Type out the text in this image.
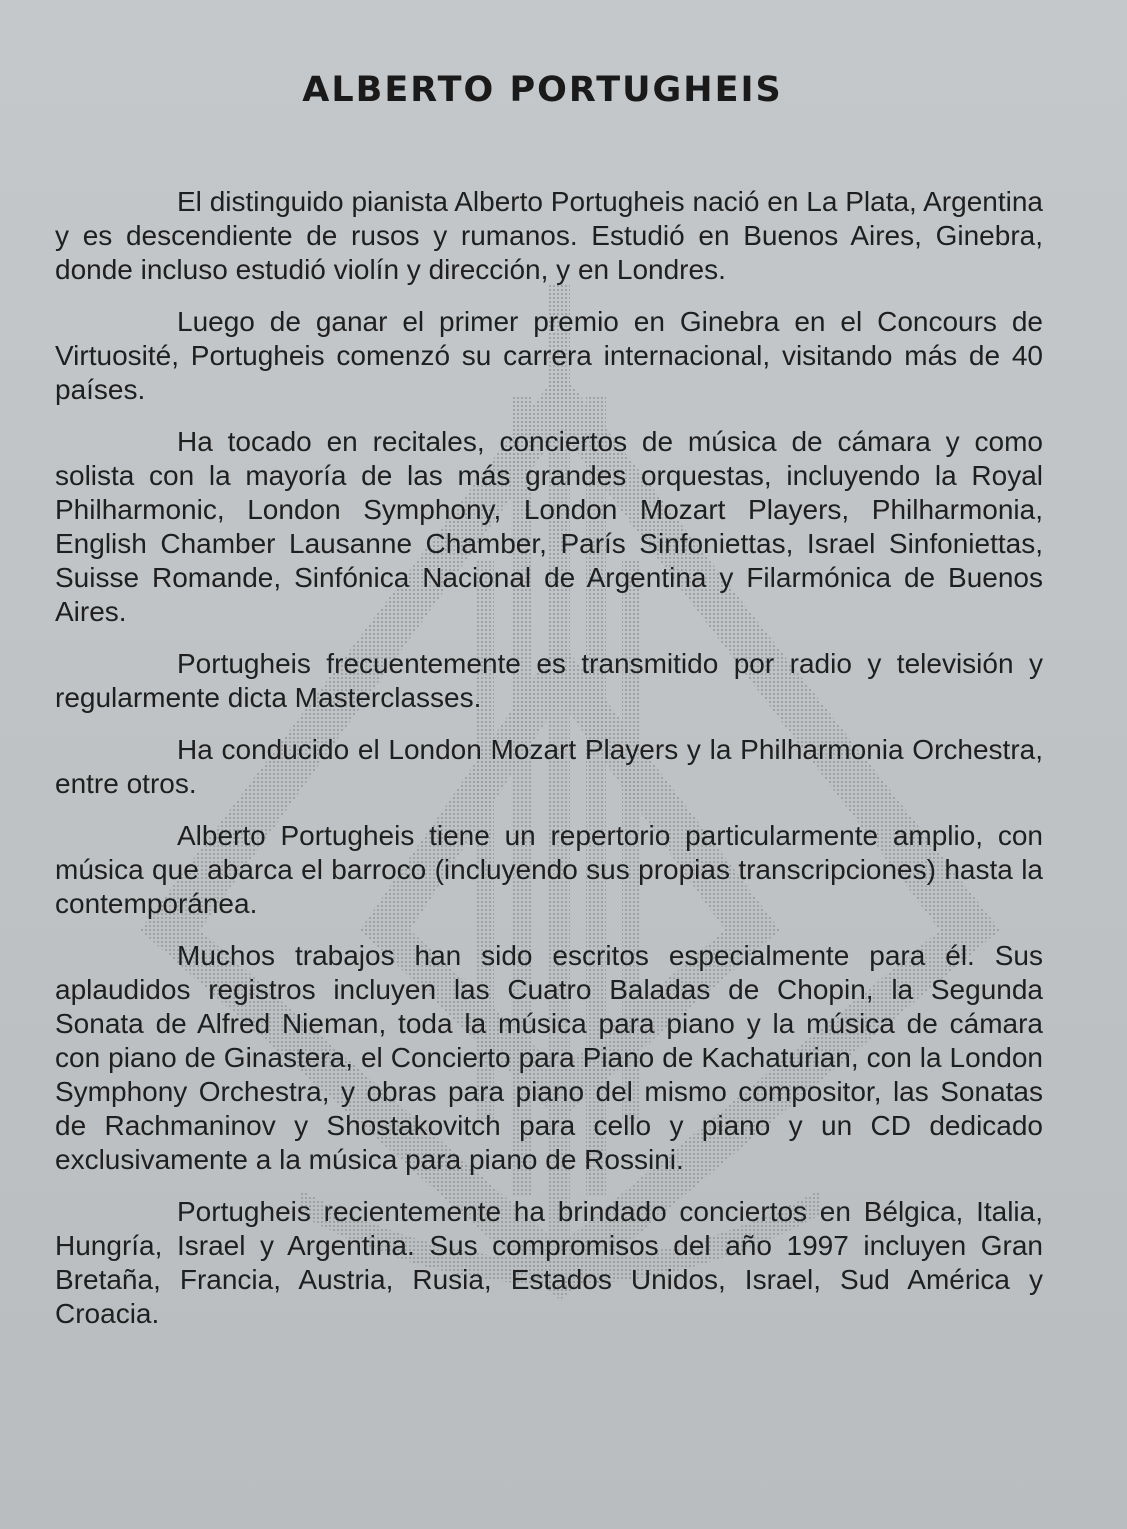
ALBERTO PORTUGHEIS

El distinguido pianista Alberto Portugheis nació en La Plata, Argentina y es descendiente de rusos y rumanos. Estudió en Buenos Aires, Ginebra, donde incluso estudió violín y dirección, y en Londres.

Luego de ganar el primer premio en Ginebra en el Concours de Virtuosité, Portugheis comenzó su carrera internacional, visitando más de 40 países.

Ha tocado en recitales, conciertos de música de cámara y como solista con la mayoría de las más grandes orquestas, incluyendo la Royal Philharmonic, London Symphony, London Mozart Players, Philharmonia, English Chamber Lausanne Chamber, París Sinfoniettas, Israel Sinfoniettas, Suisse Romande, Sinfónica Nacional de Argentina y Filarmónica de Buenos Aires.

Portugheis frecuentemente es transmitido por radio y televisión y regularmente dicta Masterclasses.

Ha conducido el London Mozart Players y la Philharmonia Orchestra, entre otros.

Alberto Portugheis tiene un repertorio particularmente amplio, con música que abarca el barroco (incluyendo sus propias transcripciones) hasta la contemporánea.

Muchos trabajos han sido escritos especialmente para él. Sus aplaudidos registros incluyen las Cuatro Baladas de Chopin, la Segunda Sonata de Alfred Nieman, toda la música para piano y la música de cámara con piano de Ginastera, el Concierto para Piano de Kachaturian, con la London Symphony Orchestra, y obras para piano del mismo compositor, las Sonatas de Rachmaninov y Shostakovitch para cello y piano y un CD dedicado exclusivamente a la música para piano de Rossini.

Portugheis recientemente ha brindado conciertos en Bélgica, Italia, Hungría, Israel y Argentina. Sus compromisos del año 1997 incluyen Gran Bretaña, Francia, Austria, Rusia, Estados Unidos, Israel, Sud América y Croacia.
